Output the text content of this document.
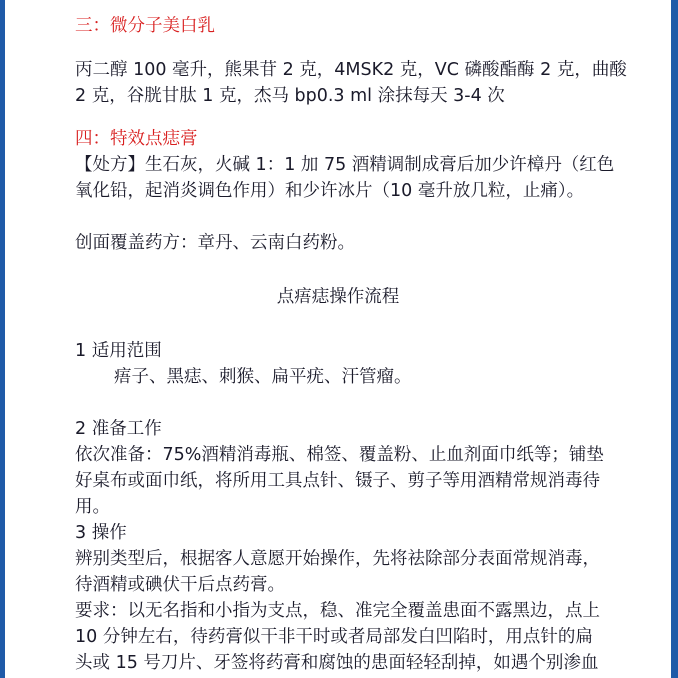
三：微分子美白乳

丙二醇 100 毫升，熊果苷 2 克，4MSK2 克，VC 磷酸酯酶 2 克，曲酸

2 克，谷胱甘肽 1 克，杰马 bp0.3 ml 涂抹每天 3-4 次

四：特效点痣膏

【处方】生石灰，火碱 1：1 加 75 酒精调制成膏后加少许樟丹（红色

氧化铅，起消炎调色作用）和少许冰片（10 毫升放几粒，止痛）。

创面覆盖药方：章丹、云南白药粉。

点痦痣操作流程

1 适用范围

痦子、黑痣、刺猴、扁平疣、汗管瘤。

2 准备工作

依次准备：75%酒精消毒瓶、棉签、覆盖粉、止血剂面巾纸等；铺垫

好桌布或面巾纸，将所用工具点针、镊子、剪子等用酒精常规消毒待

用。

3 操作

辨别类型后，根据客人意愿开始操作，先将祛除部分表面常规消毒，

待酒精或碘伏干后点药膏。

要求：以无名指和小指为支点，稳、准完全覆盖患面不露黑边，点上

10 分钟左右，待药膏似干非干时或者局部发白凹陷时，用点针的扁

头或 15 号刀片、牙签将药膏和腐蚀的患面轻轻刮掉，如遇个别渗血
